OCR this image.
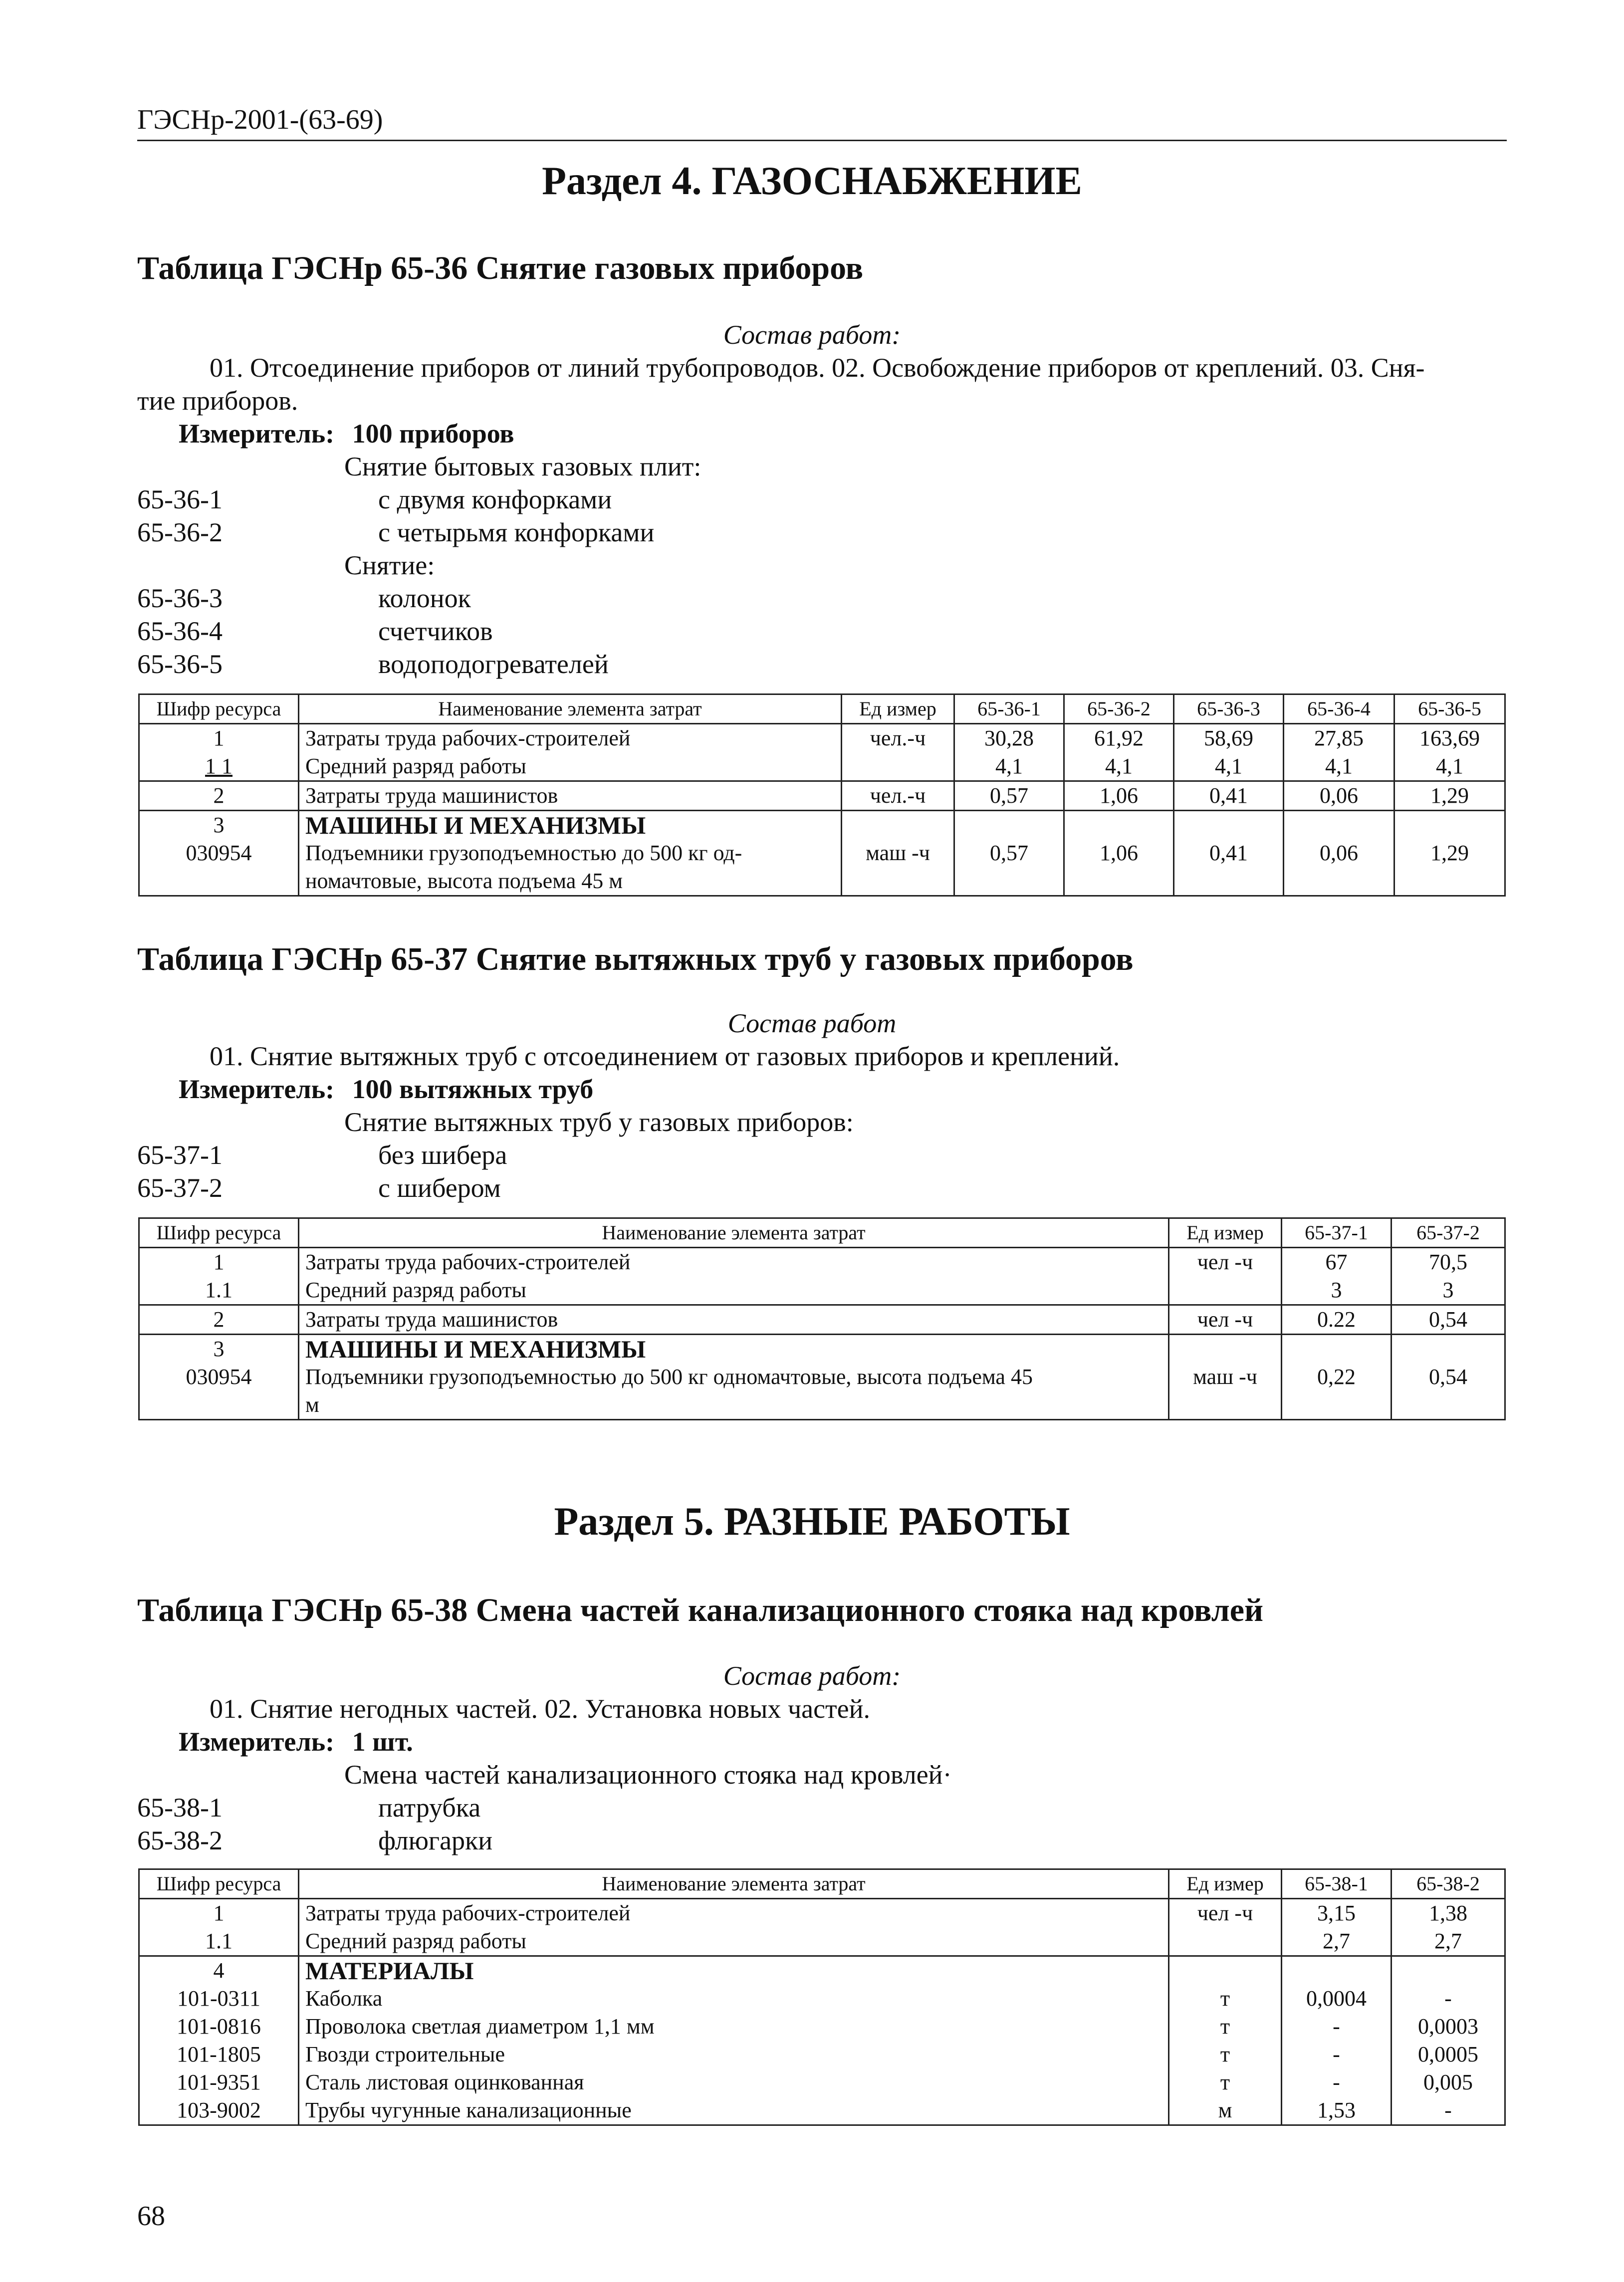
ГЭСНр-2001-(63-69)
Раздел 4. ГАЗОСНАБЖЕНИЕ
Таблица ГЭСНр 65-36 Снятие газовых приборов
Состав работ:
01. Отсоединение приборов от линий трубопроводов. 02. Освобождение приборов от креплений. 03. Сня-
тие приборов.
Измеритель: 100 приборов
Снятие бытовых газовых плит:
65-36-1	с двумя конфорками
65-36-2	с четырьмя конфорками
Снятие:
65-36-3	колонок
65-36-4	счетчиков
65-36-5	водоподогревателей
Шифр ресурса	Наименование элемента затрат	Ед измер	65-36-1	65-36-2	65-36-3	65-36-4	65-36-5
1	Затраты труда рабочих-строителей	чел.-ч	30,28	61,92	58,69	27,85	163,69
1 1	Средний разряд работы		4,1	4,1	4,1	4,1	4,1
2	Затраты труда машинистов	чел.-ч	0,57	1,06	0,41	0,06	1,29
3	МАШИНЫ И МЕХАНИЗМЫ						
030954	Подъемники грузоподъемностью до 500 кг од-	маш -ч	0,57	1,06	0,41	0,06	1,29
	номачтовые, высота подъема 45 м						
Таблица ГЭСНр 65-37 Снятие вытяжных труб у газовых приборов
Состав работ
01. Снятие вытяжных труб с отсоединением от газовых приборов и креплений.
Измеритель: 100 вытяжных труб
Снятие вытяжных труб у газовых приборов:
65-37-1	без шибера
65-37-2	с шибером
Шифр ресурса	Наименование элемента затрат	Ед измер	65-37-1	65-37-2
1	Затраты труда рабочих-строителей	чел -ч	67	70,5
1.1	Средний разряд работы		3	3
2	Затраты труда машинистов	чел -ч	0.22	0,54
3	МАШИНЫ И МЕХАНИЗМЫ			
030954	Подъемники грузоподъемностью до 500 кг одномачтовые, высота подъема 45	маш -ч	0,22	0,54
	м			
Раздел 5. РАЗНЫЕ РАБОТЫ
Таблица ГЭСНр 65-38 Смена частей канализационного стояка над кровлей
Состав работ:
01. Снятие негодных частей. 02. Установка новых частей.
Измеритель: 1 шт.
Смена частей канализационного стояка над кровлей·
65-38-1	патрубка
65-38-2	флюгарки
Шифр ресурса	Наименование элемента затрат	Ед измер	65-38-1	65-38-2
1	Затраты труда рабочих-строителей	чел -ч	3,15	1,38
1.1	Средний разряд работы		2,7	2,7
4	МАТЕРИАЛЫ			
101-0311	Каболка	т	0,0004	-
101-0816	Проволока светлая диаметром 1,1 мм	т	-	0,0003
101-1805	Гвозди строительные	т	-	0,0005
101-9351	Сталь листовая оцинкованная	т	-	0,005
103-9002	Трубы чугунные канализационные	м	1,53	-
68
